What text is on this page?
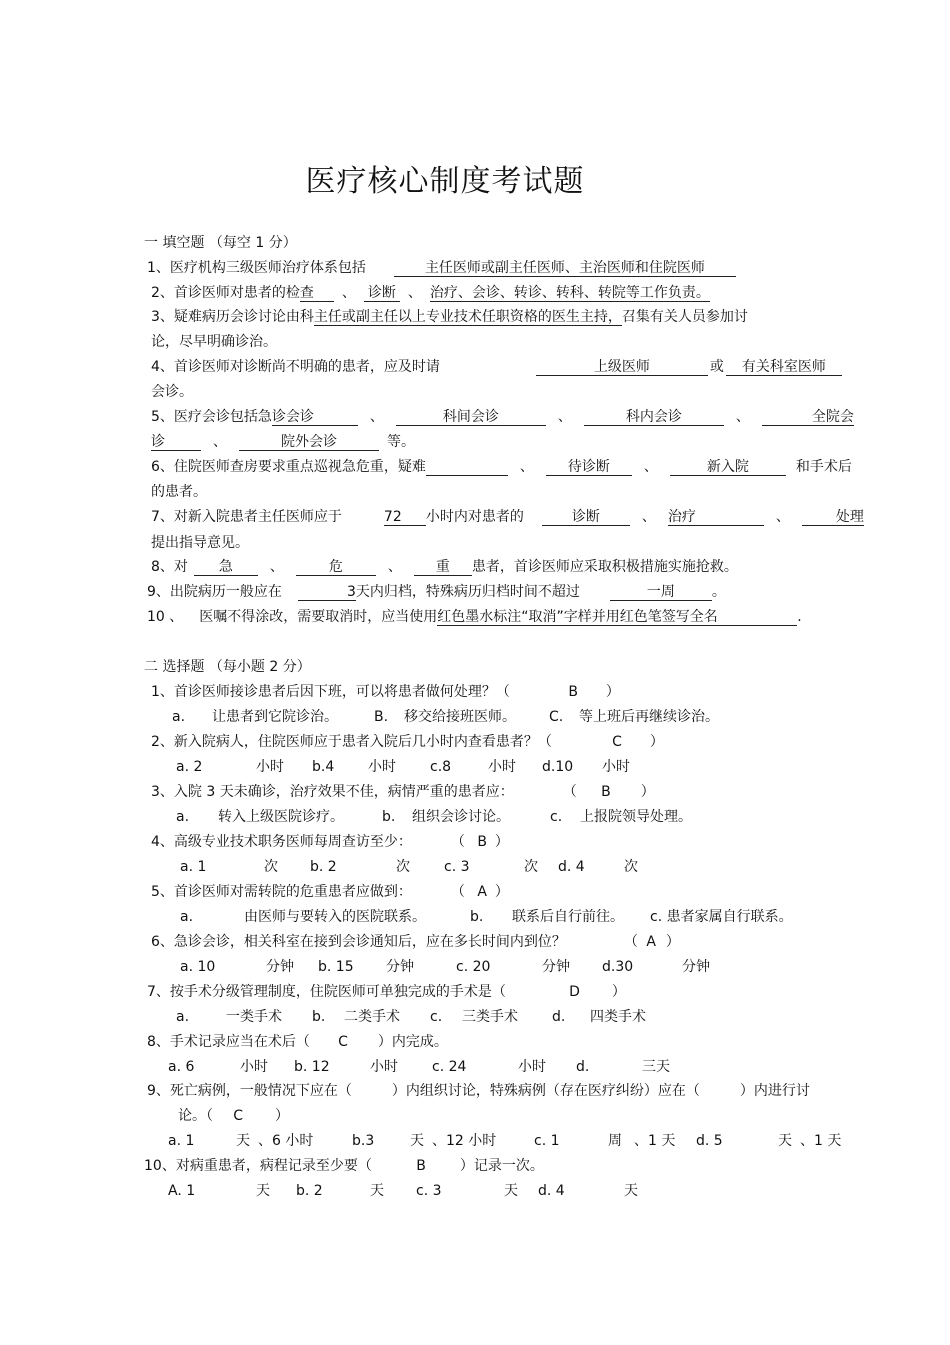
医疗核心制度考试题
一 填空题 （每空 1 分）
1、医疗机构三级医师治疗体系包括	主任医师或副主任医师、主治医师和住院医师
2、首诊医师对患者的检查 、 诊断 、 治疗、会诊、转诊、转科、转院等工作负责。
3、疑难病历会诊讨论由科主任或副主任以上专业技术任职资格的医生主持，召集有关人员参加讨
论，尽早明确诊治。
4、首诊医师对诊断尚不明确的患者，应及时请	上级医师	或 有关科室医师
会诊。
5、医疗会诊包括急诊会诊	、	科间会诊	、	科内会诊	、	全院会
诊	、	院外会诊	等。
6、住院医师查房要求重点巡视急危重，疑难	、 待诊断 、	新入院	和手术后
的患者。
7、对新入院患者主任医师应于	72 小时内对患者的	诊断	、 治疗	、	处理
提出指导意见。
8、对 急	、	危	、 重 患者，首诊医师应采取积极措施实施抢救。
9、出院病历一般应在	3天内归档，特殊病历归档时间不超过	一周	。
10 、 医嘱不得涂改，需要取消时，应当使用红色墨水标注“取消”字样并用红色笔签写全名	.
二 选择题 （每小题 2 分）
1、首诊医师接诊患者后因下班，可以将患者做何处理？（	B ）
a. 让患者到它院诊治。	B. 移交给接班医师。 C. 等上班后再继续诊治。
2、新入院病人，住院医师应于患者入院后几小时内查看患者？（	C ）
a. 2	小时 b.4 小时 c.8	小时 d.10 小时
3、入院 3 天未确诊，治疗效果不佳，病情严重的患者应：	（ B ）
a. 转入上级医院诊疗。	b. 组织会诊讨论。	c. 上报院领导处理。
4、高级专业技术职务医师每周查访至少：	（ B ）
a. 1	次 b. 2	次 c. 3	次 d. 4	次
5、首诊医师对需转院的危重患者应做到：	（ A ）
a.	由医师与要转入的医院联系。	b. 联系后自行前往。 c. 患者家属自行联系。
6、急诊会诊，相关科室在接到会诊通知后，应在多长时间内到位？	（ A ）
a. 10	分钟 b. 15 分钟	c. 20	分钟 d.30	分钟
7、按手术分级管理制度，住院医师可单独完成的手术是（	D ）
a.	一类手术 b. 二类手术 c. 三类手术 d. 四类手术
8、手术记录应当在术后（ C ）内完成。
a. 6	小时 b. 12	小时 c. 24	小时 d.	三天
9、死亡病例，一般情况下应在（	）内组织讨论，特殊病例（存在医疗纠纷）应在（	）内进行讨
论。（ C ）
a. 1	天 、6 小时	b.3	天 、12 小时	c. 1	周 、1 天 d. 5	天 、1 天
10、对病重患者，病程记录至少要（	B ）记录一次。
A. 1	天 b. 2	天 c. 3	天 d. 4	天
